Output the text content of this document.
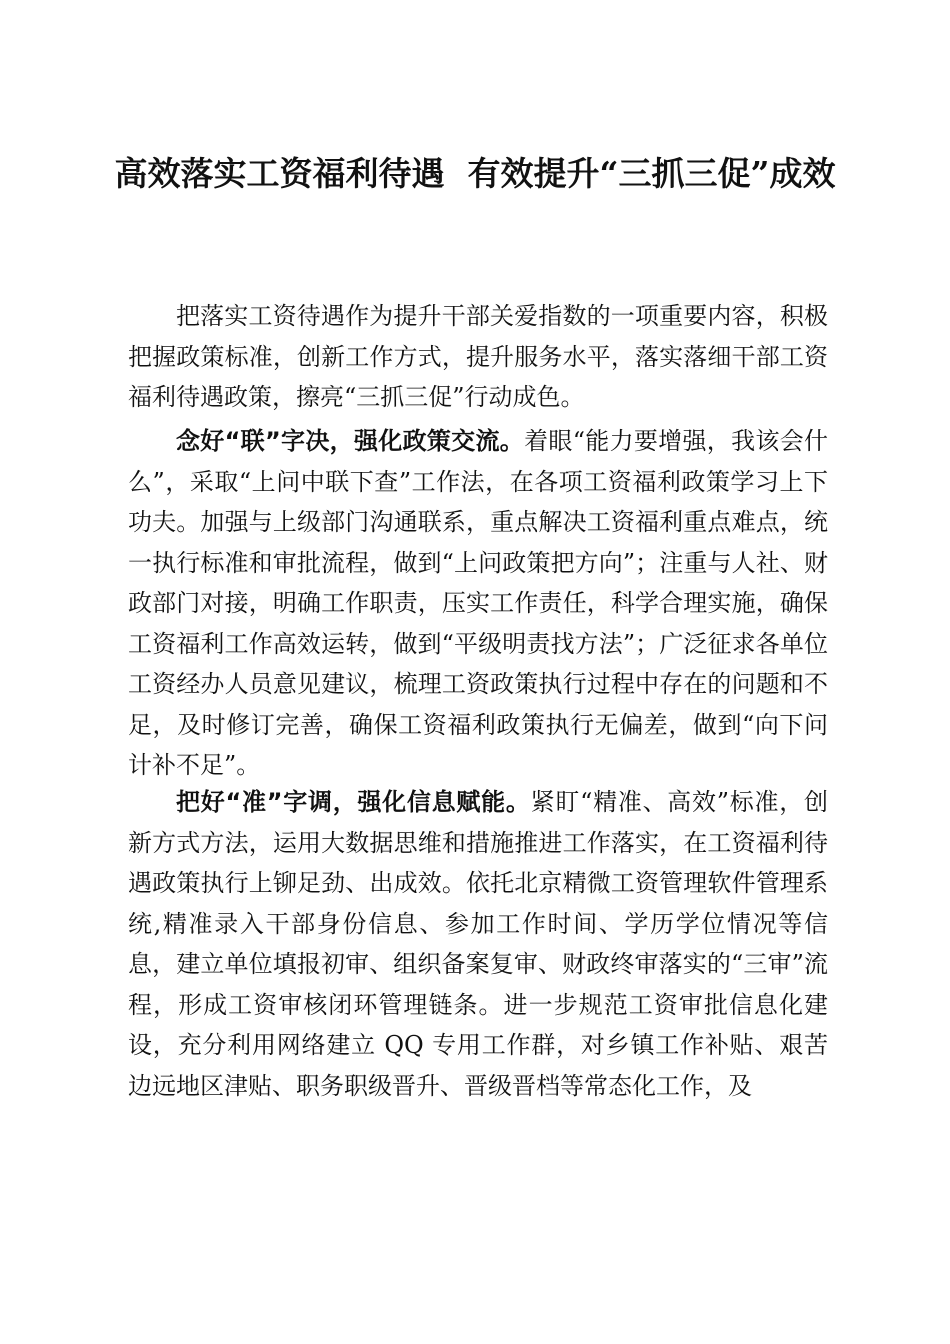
高效落实工资福利待遇  有效提升“三抓三促”成效

把落实工资待遇作为提升干部关爱指数的一项重要内容，积极把握政策标准，创新工作方式，提升服务水平，落实落细干部工资福利待遇政策，擦亮“三抓三促”行动成色。

念好“联”字决，强化政策交流。着眼“能力要增强，我该会什么”，采取“上问中联下查”工作法，在各项工资福利政策学习上下功夫。加强与上级部门沟通联系，重点解决工资福利重点难点，统一执行标准和审批流程，做到“上问政策把方向”；注重与人社、财政部门对接，明确工作职责，压实工作责任，科学合理实施，确保工资福利工作高效运转，做到“平级明责找方法”；广泛征求各单位工资经办人员意见建议，梳理工资政策执行过程中存在的问题和不足，及时修订完善，确保工资福利政策执行无偏差，做到“向下问计补不足”。

把好“准”字调，强化信息赋能。紧盯“精准、高效”标准，创新方式方法，运用大数据思维和措施推进工作落实，在工资福利待遇政策执行上铆足劲、出成效。依托北京精微工资管理软件管理系统,精准录入干部身份信息、参加工作时间、学历学位情况等信息，建立单位填报初审、组织备案复审、财政终审落实的“三审”流程，形成工资审核闭环管理链条。进一步规范工资审批信息化建设，充分利用网络建立 QQ 专用工作群，对乡镇工作补贴、艰苦边远地区津贴、职务职级晋升、晋级晋档等常态化工作，及
